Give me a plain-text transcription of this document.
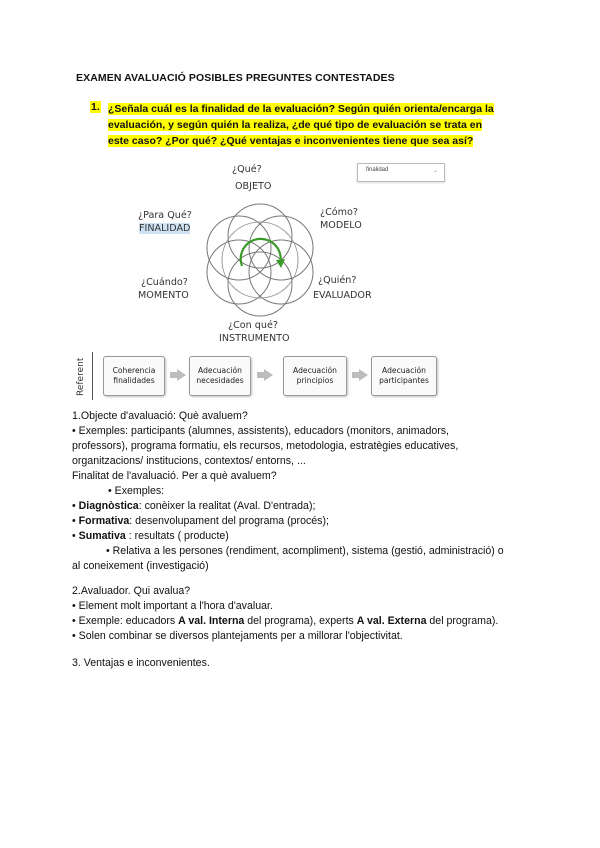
EXAMEN AVALUACIÓ POSIBLES PREGUNTES CONTESTADES
1. ¿Señala cuál es la finalidad de la evaluación? Según quién orienta/encarga la
evaluación, y según quién la realiza, ¿de qué tipo de evaluación se trata en
este caso? ¿Por qué? ¿Qué ventajas e inconvenientes tiene que sea así?
¿Qué?
OBJETO
¿Para Qué?
FINALIDAD
¿Cómo?
MODELO
¿Cuándo?
MOMENTO
¿Quién?
EVALUADOR
¿Con qué?
INSTRUMENTO
finalidad	⌄
Referent	Coherencia
finalidades
Adecuación
necesidades
Adecuación
principios
Adecuación
participantes
1.Objecte d'avaluació: Què avaluem?
• Exemples: participants (alumnes, assistents), educadors (monitors, animadors,
professors), programa formatiu, els recursos, metodologia, estratègies educatives,
organitzacions/ institucions, contextos/ entorns, ...
Finalitat de l'avaluació. Per a què avaluem?
• Exemples:
• Diagnòstica: conèixer la realitat (Aval. D'entrada);
• Formativa: desenvolupament del programa (procés);
• Sumativa : resultats ( producte)
• Relativa a les persones (rendiment, acompliment), sistema (gestió, administració) o
al coneixement (investigació)
2.Avaluador. Qui avalua?
• Element molt important a l'hora d'avaluar.
• Exemple: educadors A val. Interna del programa), experts A val. Externa del programa).
• Solen combinar se diversos plantejaments per a millorar l'objectivitat.
3. Ventajas e inconvenientes.
